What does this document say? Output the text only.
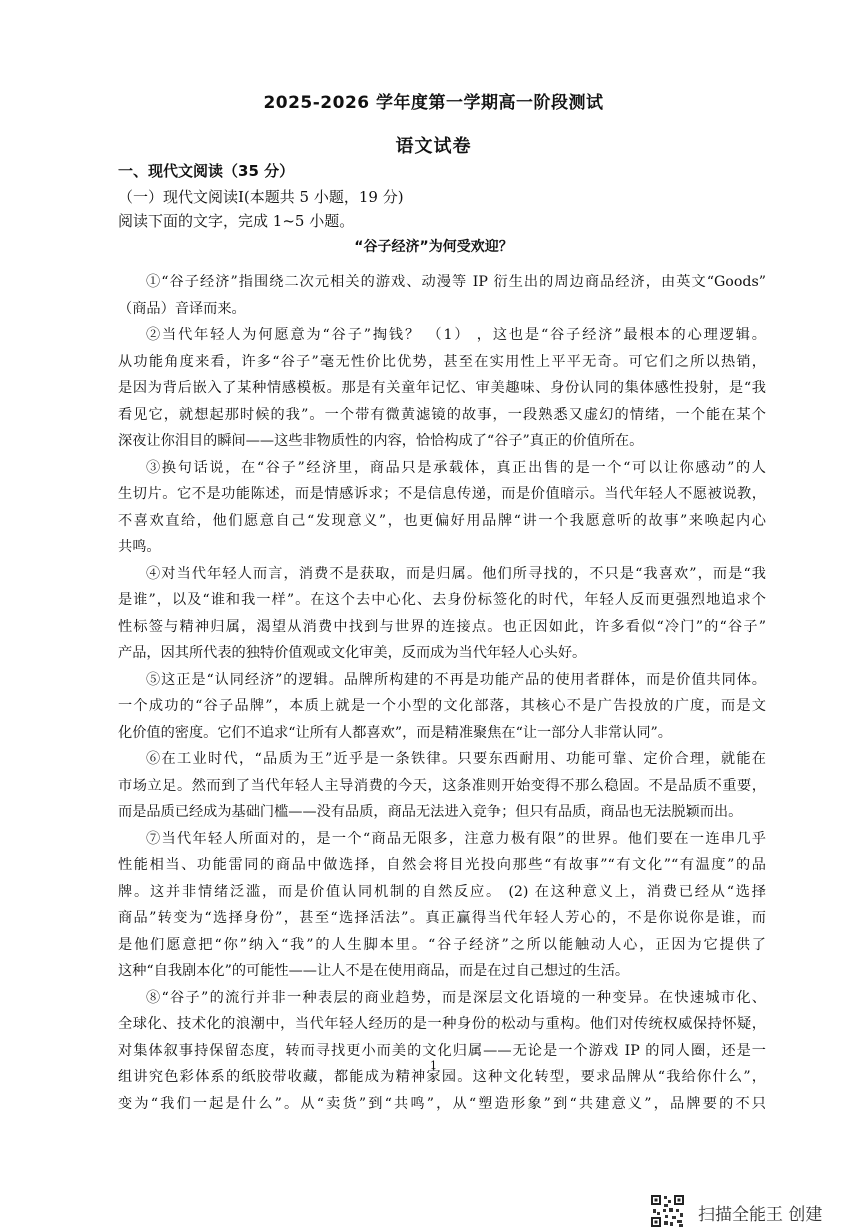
2025-2026 学年度第一学期高一阶段测试
语文试卷
一、现代文阅读（35 分）
（一）现代文阅读Ⅰ(本题共 5 小题，19 分)
阅读下面的文字，完成 1~5 小题。
“谷子经济”为何受欢迎？
①“谷子经济”指围绕二次元相关的游戏、动漫等 IP 衍生出的周边商品经济，由英文“Goods”
（商品）音译而来。
②当代年轻人为何愿意为“谷子”掏钱？ （1） ，这也是“谷子经济”最根本的心理逻辑。
从功能角度来看，许多“谷子”毫无性价比优势，甚至在实用性上平平无奇。可它们之所以热销，
是因为背后嵌入了某种情感模板。那是有关童年记忆、审美趣味、身份认同的集体感性投射，是“我
看见它，就想起那时候的我”。一个带有微黄滤镜的故事，一段熟悉又虚幻的情绪，一个能在某个
深夜让你泪目的瞬间——这些非物质性的内容，恰恰构成了“谷子”真正的价值所在。
③换句话说，在“谷子”经济里，商品只是承载体，真正出售的是一个“可以让你感动”的人
生切片。它不是功能陈述，而是情感诉求；不是信息传递，而是价值暗示。当代年轻人不愿被说教，
不喜欢直给，他们愿意自己“发现意义”，也更偏好用品牌“讲一个我愿意听的故事”来唤起内心
共鸣。
④对当代年轻人而言，消费不是获取，而是归属。他们所寻找的，不只是“我喜欢”，而是“我
是谁”，以及“谁和我一样”。在这个去中心化、去身份标签化的时代，年轻人反而更强烈地追求个
性标签与精神归属，渴望从消费中找到与世界的连接点。也正因如此，许多看似“冷门”的“谷子”
产品，因其所代表的独特价值观或文化审美，反而成为当代年轻人心头好。
⑤这正是“认同经济”的逻辑。品牌所构建的不再是功能产品的使用者群体，而是价值共同体。
一个成功的“谷子品牌”，本质上就是一个小型的文化部落，其核心不是广告投放的广度，而是文
化价值的密度。它们不追求“让所有人都喜欢”，而是精准聚焦在“让一部分人非常认同”。
⑥在工业时代，“品质为王”近乎是一条铁律。只要东西耐用、功能可靠、定价合理，就能在
市场立足。然而到了当代年轻人主导消费的今天，这条准则开始变得不那么稳固。不是品质不重要，
而是品质已经成为基础门槛——没有品质，商品无法进入竞争；但只有品质，商品也无法脱颖而出。
⑦当代年轻人所面对的，是一个“商品无限多，注意力极有限”的世界。他们要在一连串几乎
性能相当、功能雷同的商品中做选择，自然会将目光投向那些“有故事”“有文化”“有温度”的品
牌。这并非情绪泛滥，而是价值认同机制的自然反应。 (2) 在这种意义上，消费已经从“选择
商品”转变为“选择身份”，甚至“选择活法”。真正赢得当代年轻人芳心的，不是你说你是谁，而
是他们愿意把“你”纳入“我”的人生脚本里。“谷子经济”之所以能触动人心，正因为它提供了
这种“自我剧本化”的可能性——让人不是在使用商品，而是在过自己想过的生活。
⑧“谷子”的流行并非一种表层的商业趋势，而是深层文化语境的一种变异。在快速城市化、
全球化、技术化的浪潮中，当代年轻人经历的是一种身份的松动与重构。他们对传统权威保持怀疑，
对集体叙事持保留态度，转而寻找更小而美的文化归属——无论是一个游戏 IP 的同人圈，还是一
组讲究色彩体系的纸胶带收藏，都能成为精神家园。这种文化转型，要求品牌从“我给你什么”，
变为“我们一起是什么”。从“卖货”到“共鸣”，从“塑造形象”到“共建意义”，品牌要的不只
1
扫描全能王 创建
